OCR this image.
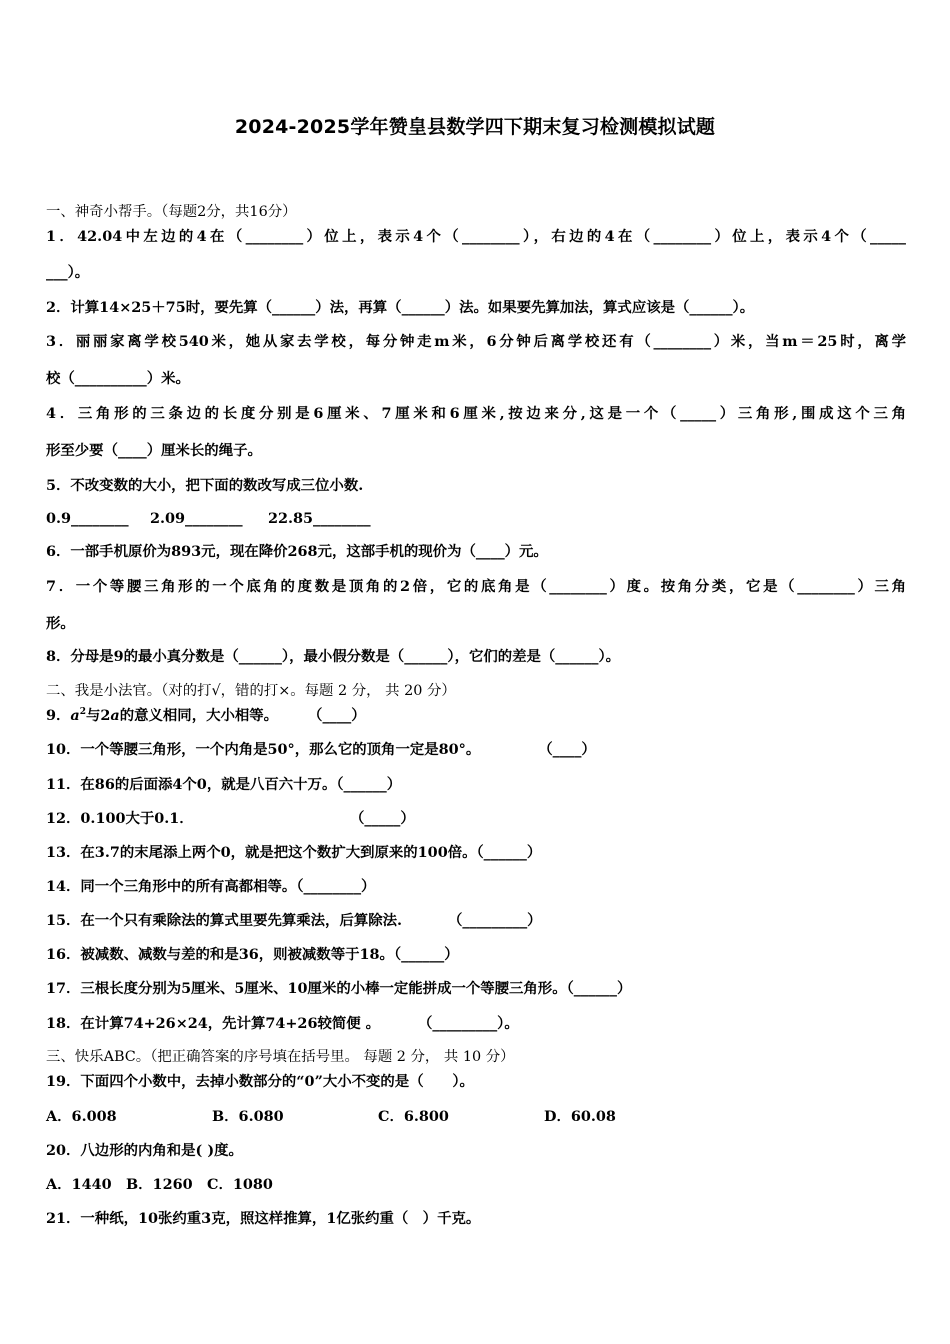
2024-2025学年赞皇县数学四下期末复习检测模拟试题
一、神奇小帮手。（每题2分，共16分）
1．42.04中左边的4在（________）位上，表示4个（________），右边的4在（________）位上，表示4个（_____
___）。
2．计算14×25＋75时，要先算（______）法，再算（______）法。如果要先算加法，算式应该是（______）。
3．丽丽家离学校540米，她从家去学校，每分钟走m米，6分钟后离学校还有（________）米，当m＝25时，离学
校（__________）米。
4．三角形的三条边的长度分别是6厘米、7厘米和6厘米,按边来分,这是一个（_____）三角形,围成这个三角
形至少要（____）厘米长的绳子。
5．不改变数的大小，把下面的数改写成三位小数.
0.9________ 2.09________ 22.85________
6．一部手机原价为893元，现在降价268元，这部手机的现价为（____）元。
7．一个等腰三角形的一个底角的度数是顶角的2倍，它的底角是（________）度。按角分类，它是（________）三角
形。
8．分母是9的最小真分数是（______），最小假分数是（______），它们的差是（______）。
二、我是小法官。（对的打√，错的打×。每题 2 分， 共 20 分）
9．$a^2$与2a的意义相同，大小相等。 （____）
10．一个等腰三角形，一个内角是50°，那么它的顶角一定是80°。	（____）
11．在86的后面添4个0，就是八百六十万。（______）
12．0.100大于0.1．	（_____）
13．在3.7的末尾添上两个0，就是把这个数扩大到原来的100倍。（______）
14．同一个三角形中的所有高都相等。（________）
15．在一个只有乘除法的算式里要先算乘法，后算除法.	（_________）
16．被减数、减数与差的和是36，则被减数等于18。（______）
17．三根长度分别为5厘米、5厘米、10厘米的小棒一定能拼成一个等腰三角形。（______）
18．在计算74+26×24，先计算74+26较简便 。	（_________）。
三、快乐ABC。（把正确答案的序号填在括号里。 每题 2 分， 共 10 分）
19．下面四个小数中，去掉小数部分的“0”大小不变的是（　　）。
A．6.008	B．6.080	C．6.800	D．60.08
20．八边形的内角和是( )度。
A．1440　B．1260　C．1080
21．一种纸，10张约重3克，照这样推算，1亿张约重（　）千克。
